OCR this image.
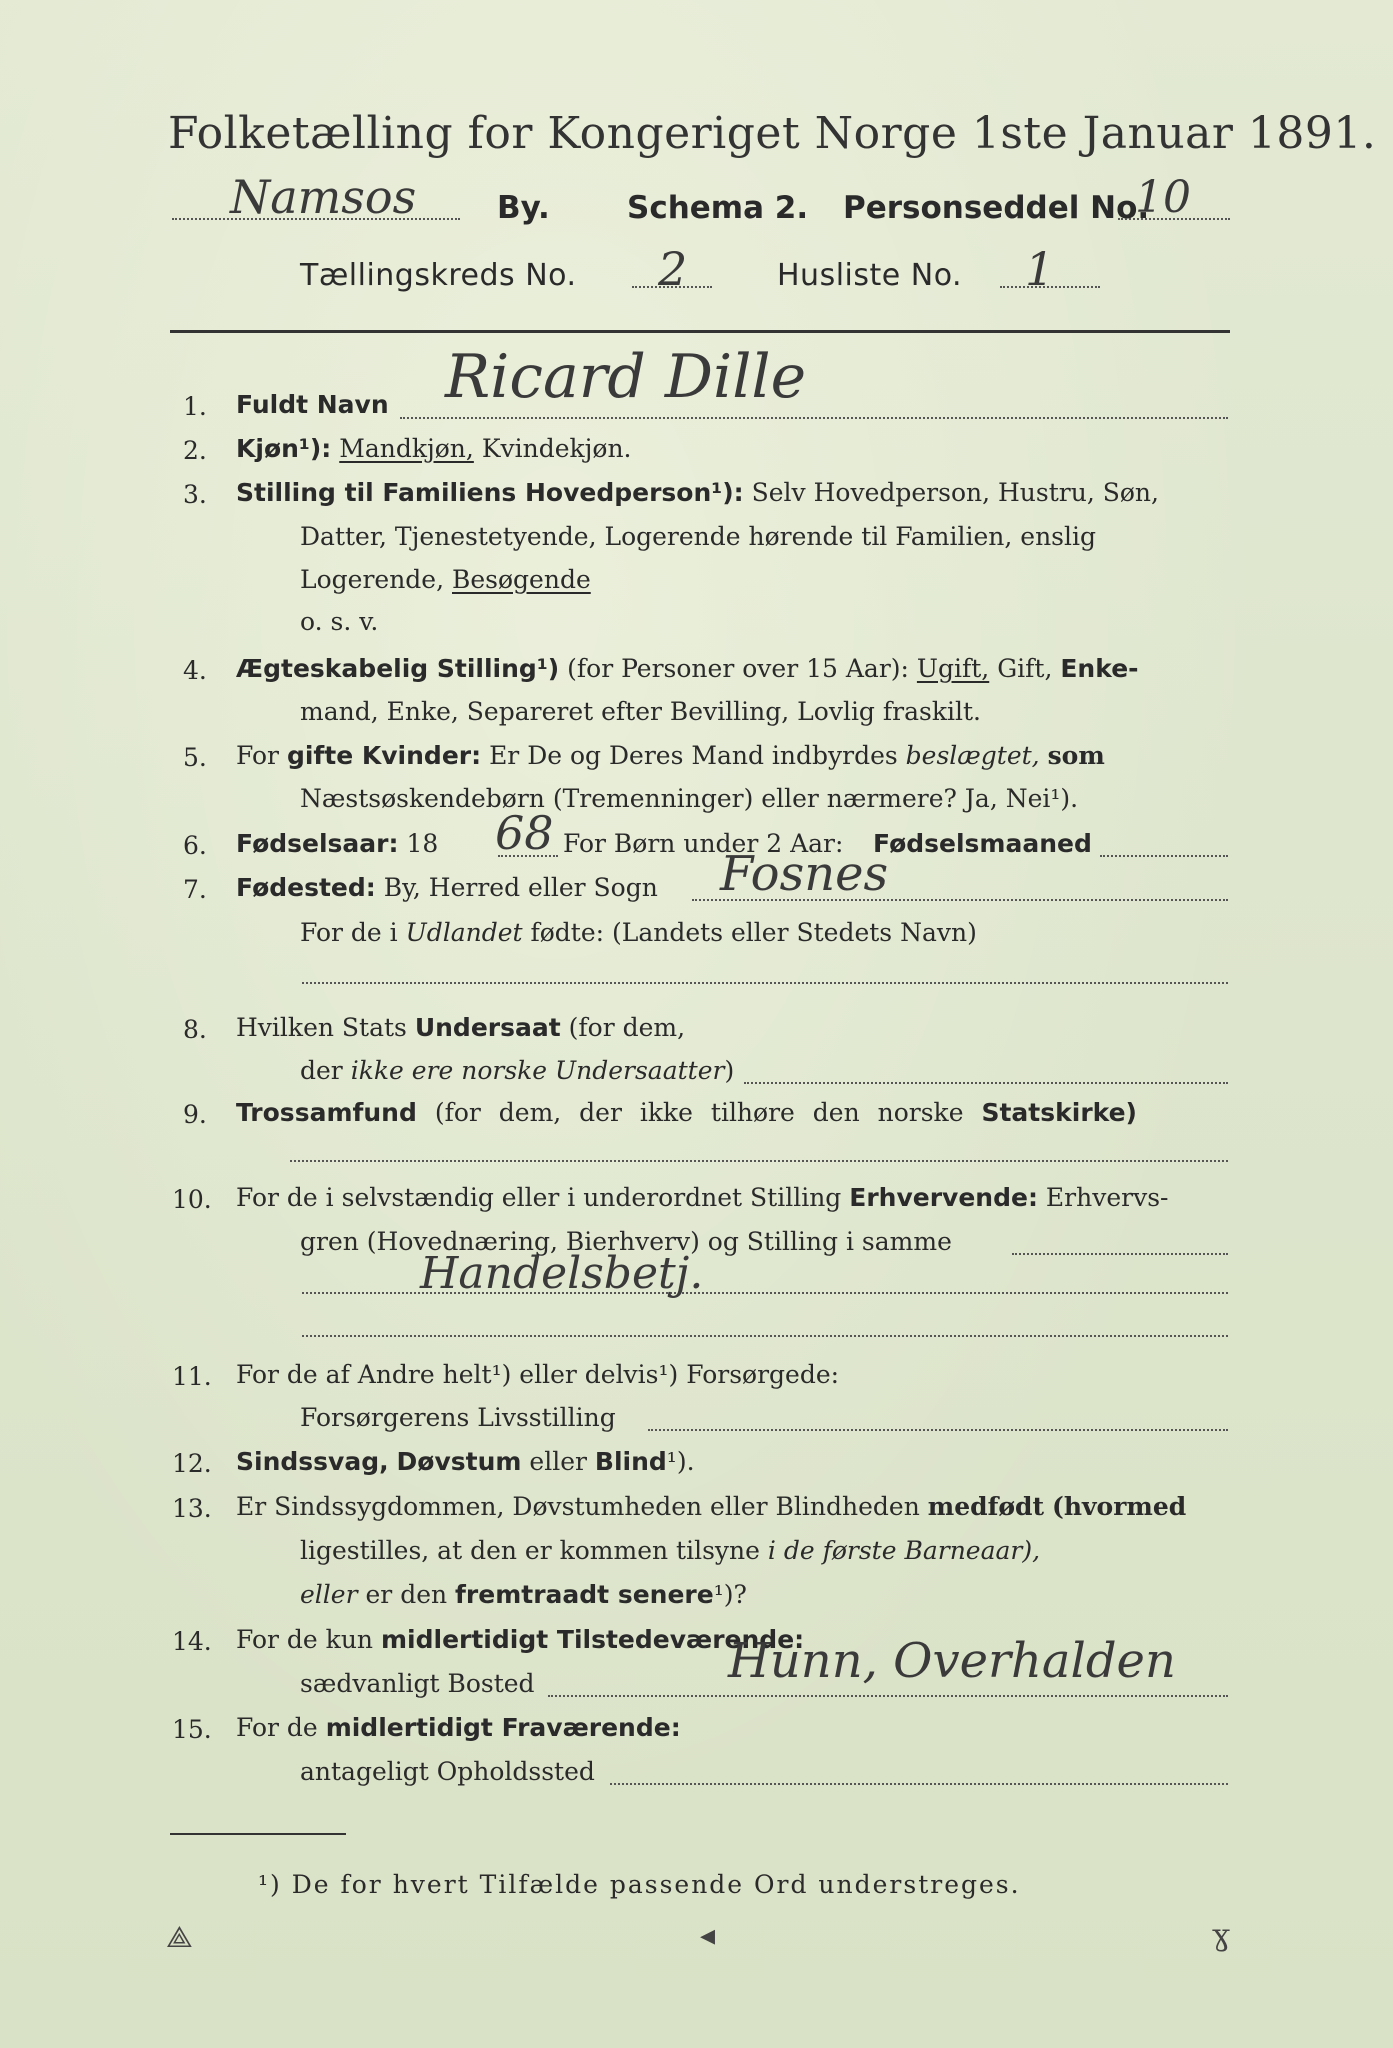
Folketælling for Kongeriget Norge 1ste Januar 1891.
Namsos	By. Schema 2. Personseddel No.
10
Tællingskreds No. 2	Husliste No. 1
1. Fuldt Navn Ricard Dille
2. Kjøn¹): Mandkjøn, Kvindekjøn.
3. Stilling til Familiens Hovedperson¹): Selv Hovedperson, Hustru, Søn,
Datter, Tjenestetyende, Logerende hørende til Familien, enslig
Logerende, Besøgende
o. s. v.
4. Ægteskabelig Stilling¹) (for Personer over 15 Aar): Ugift, Gift, Enke-
mand, Enke, Separeret efter Bevilling, Lovlig fraskilt.
5. For gifte Kvinder: Er De og Deres Mand indbyrdes beslægtet, som
Næstsøskendebørn (Tremenninger) eller nærmere? Ja, Nei¹).
6. Fødselsaar: 18 68 For Børn under 2 Aar: Fødselsmaaned
7. Fødested: By, Herred eller Sogn Fosnes
For de i Udlandet fødte: (Landets eller Stedets Navn)
8. Hvilken Stats Undersaat (for dem,
der ikke ere norske Undersaatter)
9. Trossamfund (for dem, der ikke tilhøre den norske Statskirke)
10. For de i selvstændig eller i underordnet Stilling Erhvervende: Erhvervs-
gren (Hovednæring, Bierhverv) og Stilling i samme
Handelsbetj.
11. For de af Andre helt¹) eller delvis¹) Forsørgede:
Forsørgerens Livsstilling
12. Sindssvag, Døvstum eller Blind¹).
13. Er Sindssygdommen, Døvstumheden eller Blindheden medfødt (hvormed
ligestilles, at den er kommen tilsyne i de første Barneaar),
eller er den fremtraadt senere¹)?
14. For de kun midlertidigt Tilstedeværende:
sædvanligt Bosted	Hunn, Overhalden
15. For de midlertidigt Fraværende:
antageligt Opholdssted
¹) De for hvert Tilfælde passende Ord understreges.
⟁	◂	ɣ
